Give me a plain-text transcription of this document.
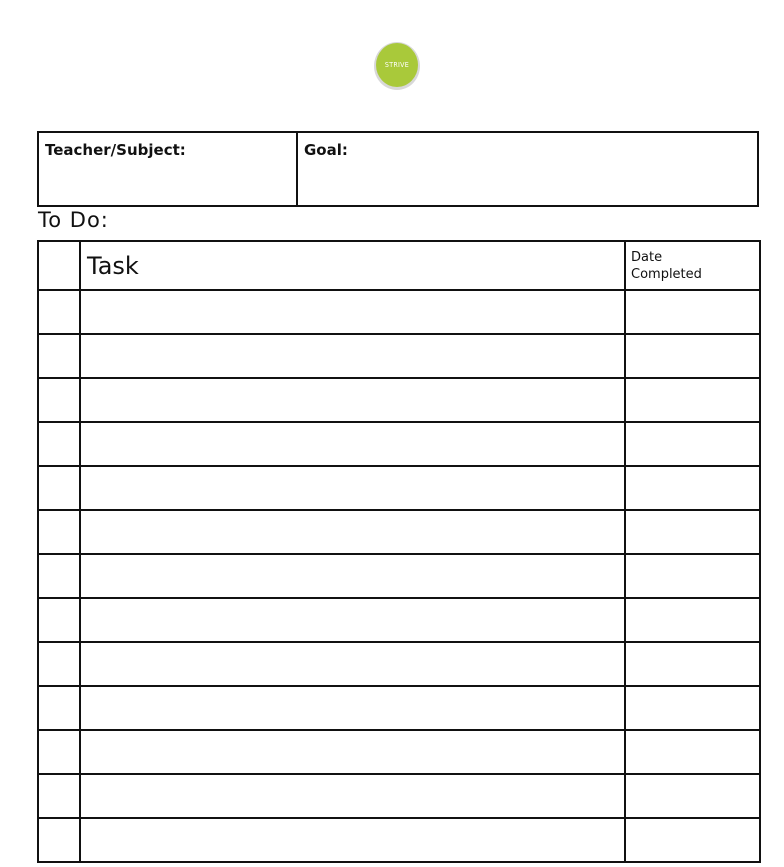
STRIVE
Teacher/Subject:	Goal:
To Do:
	Task	Date
Completed
